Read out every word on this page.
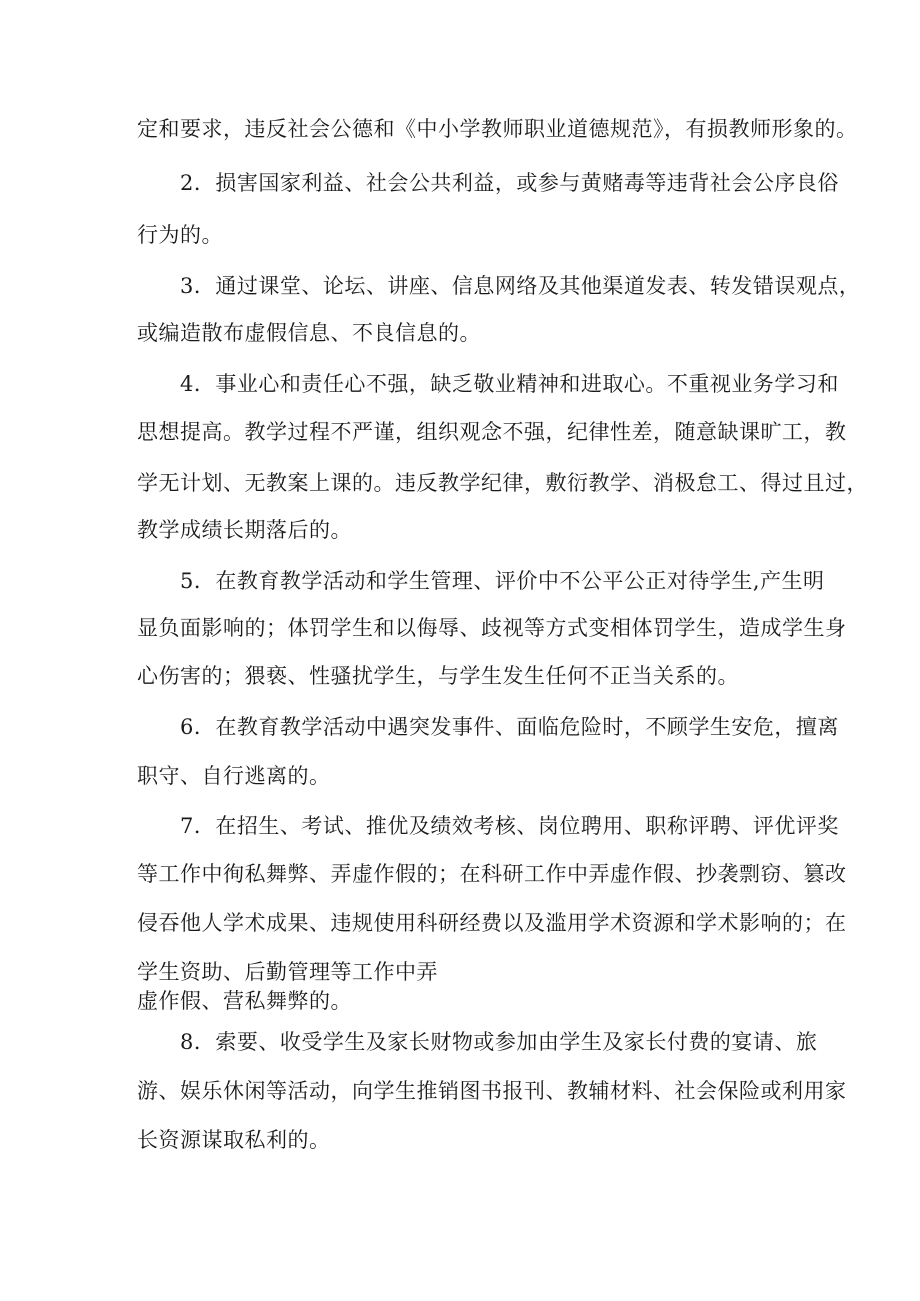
定和要求，违反社会公德和《中小学教师职业道德规范》，有损教师形象的。
2．损害国家利益、社会公共利益，或参与黄赌毒等违背社会公序良俗
行为的。
3．通过课堂、论坛、讲座、信息网络及其他渠道发表、转发错误观点，
或编造散布虚假信息、不良信息的。
4．事业心和责任心不强，缺乏敬业精神和进取心。不重视业务学习和
思想提高。教学过程不严谨，组织观念不强，纪律性差，随意缺课旷工，教
学无计划、无教案上课的。违反教学纪律，敷衍教学、消极怠工、得过且过，
教学成绩长期落后的。
5．在教育教学活动和学生管理、评价中不公平公正对待学生,产生明
显负面影响的；体罚学生和以侮辱、歧视等方式变相体罚学生，造成学生身
心伤害的；猥亵、性骚扰学生，与学生发生任何不正当关系的。
6．在教育教学活动中遇突发事件、面临危险时，不顾学生安危，擅离
职守、自行逃离的。
7．在招生、考试、推优及绩效考核、岗位聘用、职称评聘、评优评奖
等工作中徇私舞弊、弄虚作假的；在科研工作中弄虚作假、抄袭剽窃、篡改
侵吞他人学术成果、违规使用科研经费以及滥用学术资源和学术影响的；在
学生资助、后勤管理等工作中弄
虚作假、营私舞弊的。
8．索要、收受学生及家长财物或参加由学生及家长付费的宴请、旅
游、娱乐休闲等活动，向学生推销图书报刊、教辅材料、社会保险或利用家
长资源谋取私利的。
